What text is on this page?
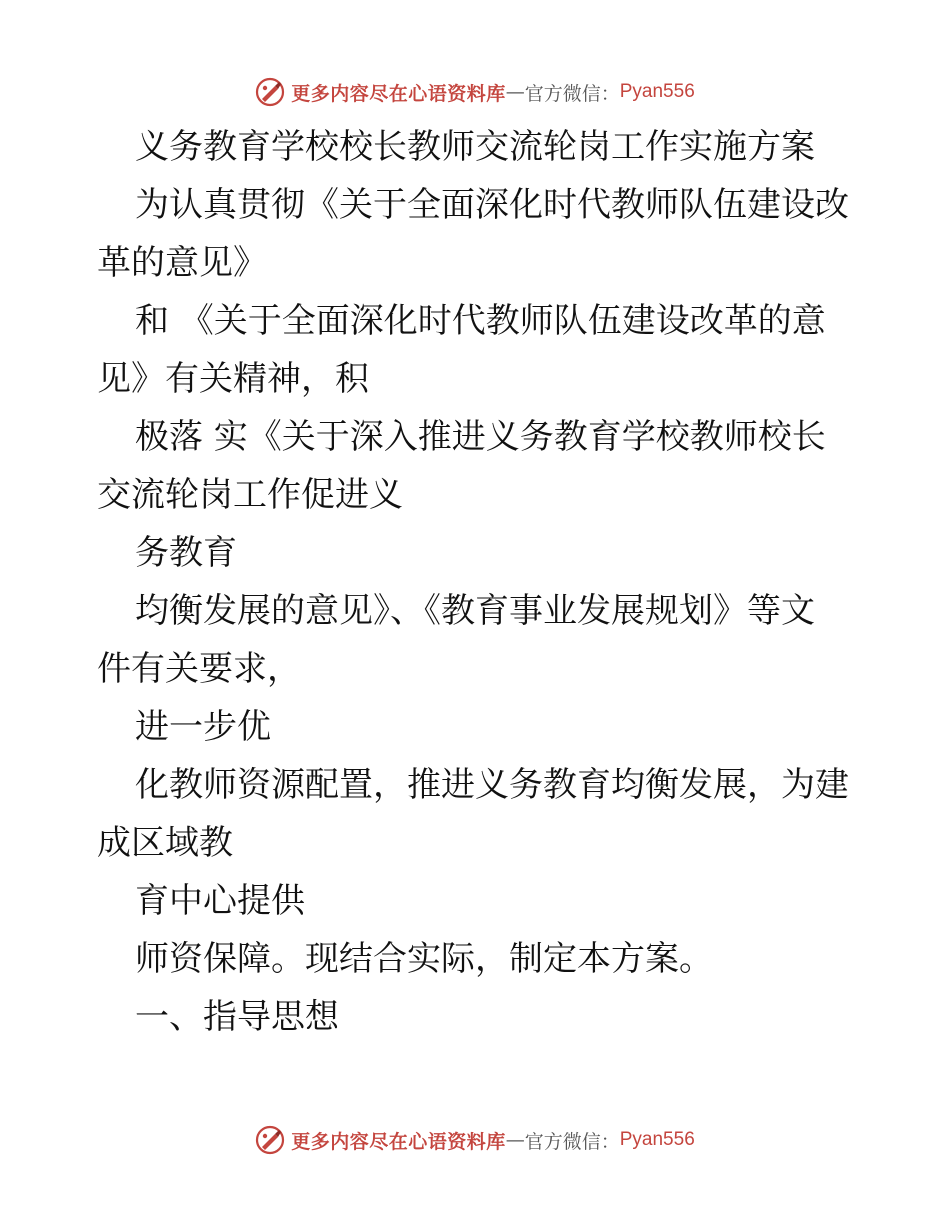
更多内容尽在心语资料库 — 官方微信： Pyan556
义务教育学校校长教师交流轮岗工作实施方案
为认真贯彻《关于全面深化时代教师队伍建设改
革的意见》
和 《关于全面深化时代教师队伍建设改革的意
见》有关精神，积
极落 实《关于深入推进义务教育学校教师校长
交流轮岗工作促进义
务教育
均衡发展的意见》、《教育事业发展规划》等文
件有关要求，
进一步优
化教师资源配置，推进义务教育均衡发展，为建
成区域教
育中心提供
师资保障。现结合实际，制定本方案。
一、指导思想
更多内容尽在心语资料库 — 官方微信： Pyan556
